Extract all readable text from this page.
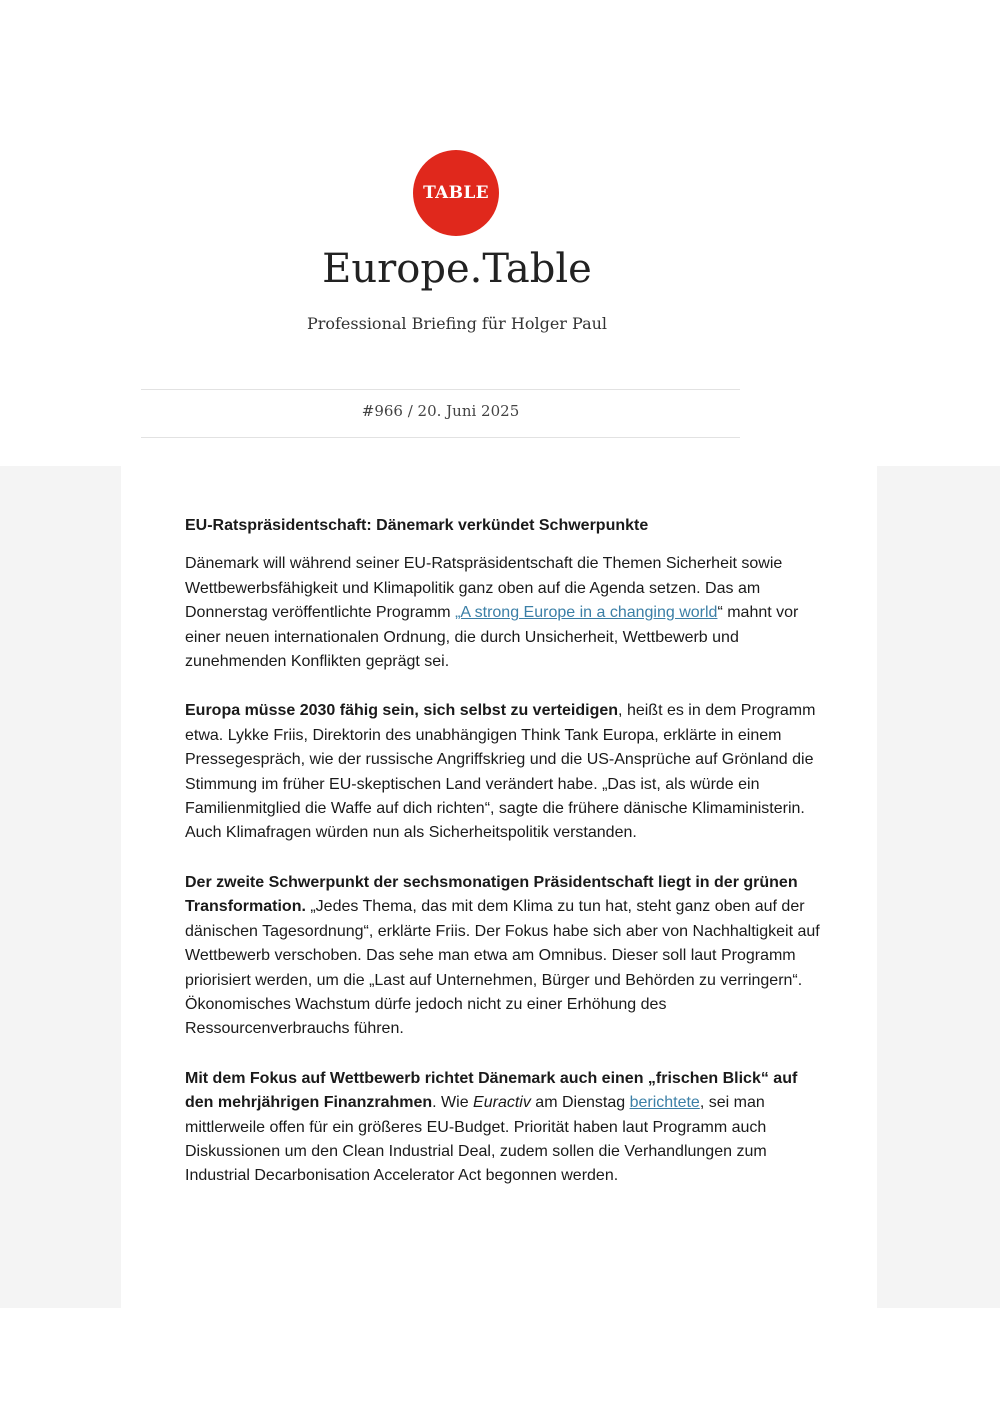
TABLE
Europe.Table
Professional Briefing für Holger Paul
#966 / 20. Juni 2025
EU-Ratspräsidentschaft: Dänemark verkündet Schwerpunkte

Dänemark will während seiner EU-Ratspräsidentschaft die Themen Sicherheit sowie Wettbewerbsfähigkeit und Klimapolitik ganz oben auf die Agenda setzen. Das am Donnerstag veröffentlichte Programm „A strong Europe in a changing world“ mahnt vor einer neuen internationalen Ordnung, die durch Unsicherheit, Wettbewerb und zunehmenden Konflikten geprägt sei.

Europa müsse 2030 fähig sein, sich selbst zu verteidigen, heißt es in dem Programm etwa. Lykke Friis, Direktorin des unabhängigen Think Tank Europa, erklärte in einem Pressegespräch, wie der russische Angriffskrieg und die US-Ansprüche auf Grönland die Stimmung im früher EU-skeptischen Land verändert habe. „Das ist, als würde ein Familienmitglied die Waffe auf dich richten“, sagte die frühere dänische Klimaministerin. Auch Klimafragen würden nun als Sicherheitspolitik verstanden.

Der zweite Schwerpunkt der sechsmonatigen Präsidentschaft liegt in der grünen Transformation. „Jedes Thema, das mit dem Klima zu tun hat, steht ganz oben auf der dänischen Tagesordnung“, erklärte Friis. Der Fokus habe sich aber von Nachhaltigkeit auf Wettbewerb verschoben. Das sehe man etwa am Omnibus. Dieser soll laut Programm priorisiert werden, um die „Last auf Unternehmen, Bürger und Behörden zu verringern“. Ökonomisches Wachstum dürfe jedoch nicht zu einer Erhöhung des Ressourcenverbrauchs führen.

Mit dem Fokus auf Wettbewerb richtet Dänemark auch einen „frischen Blick“ auf den mehrjährigen Finanzrahmen. Wie Euractiv am Dienstag berichtete, sei man mittlerweile offen für ein größeres EU-Budget. Priorität haben laut Programm auch Diskussionen um den Clean Industrial Deal, zudem sollen die Verhandlungen zum Industrial Decarbonisation Accelerator Act begonnen werden.
